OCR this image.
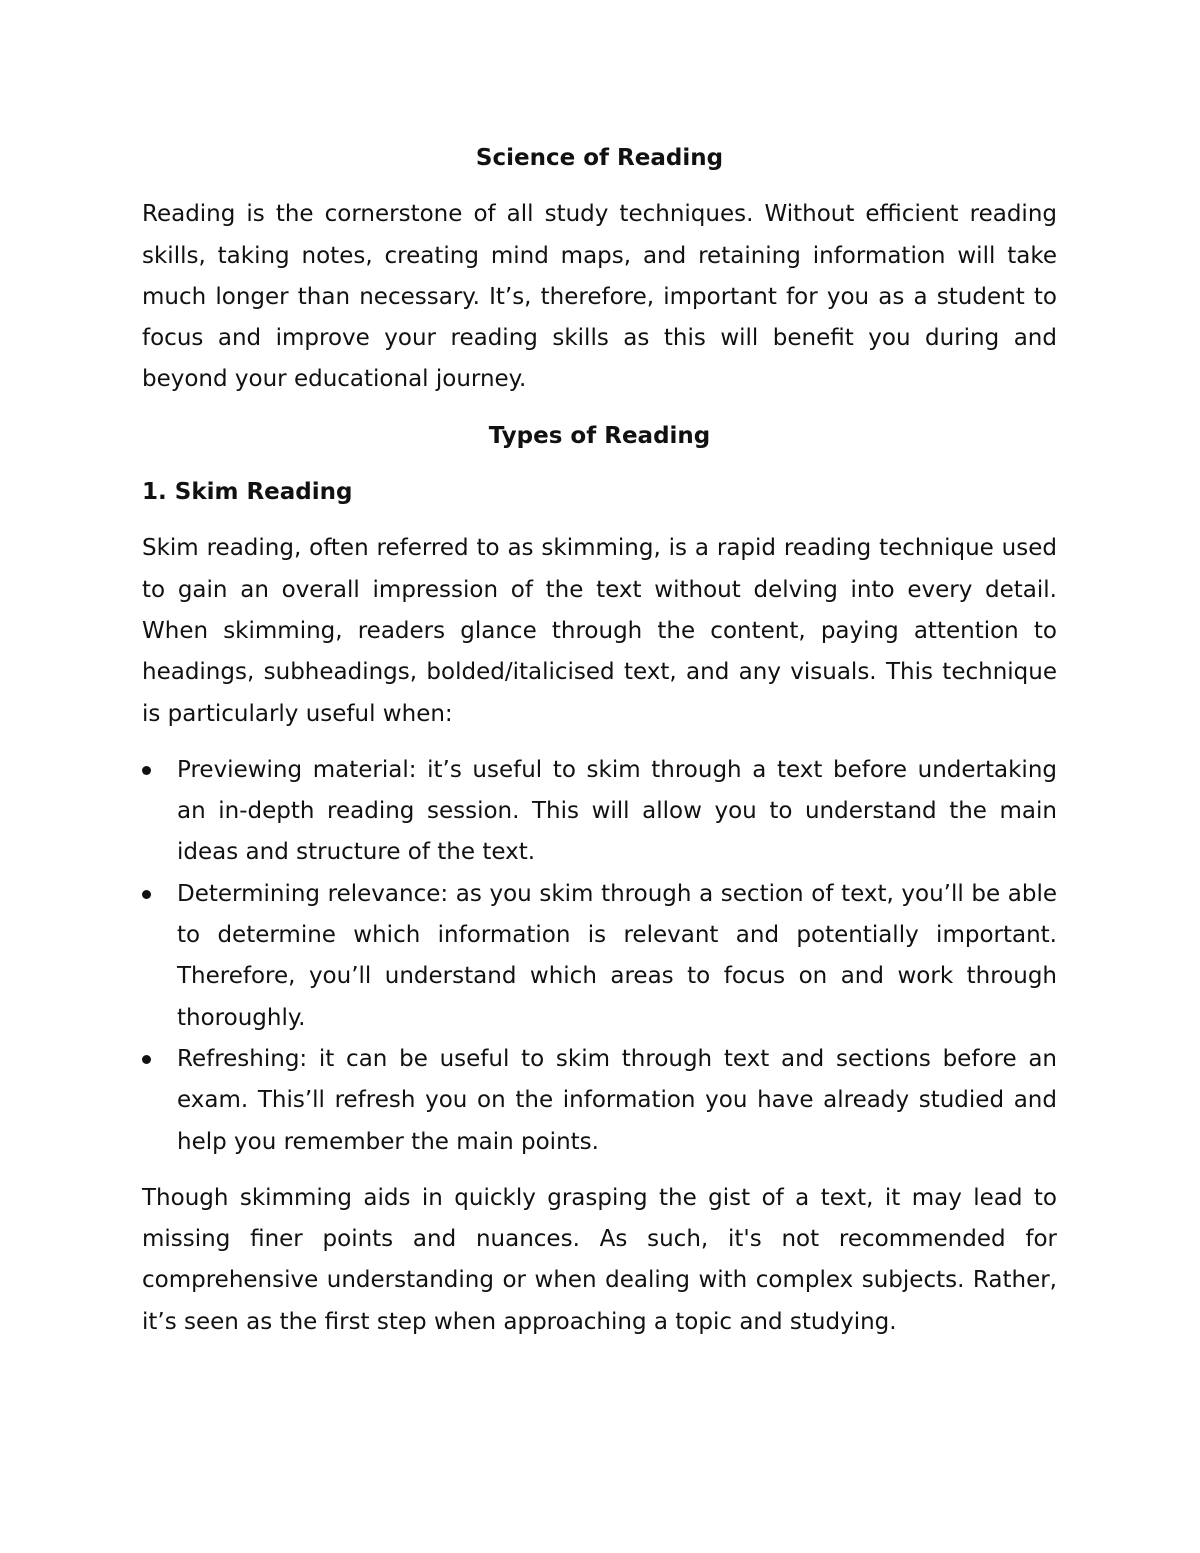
Science of Reading

Reading is the cornerstone of all study techniques. Without efficient reading skills, taking notes, creating mind maps, and retaining information will take much longer than necessary. It’s, therefore, important for you as a student to focus and improve your reading skills as this will benefit you during and beyond your educational journey.

Types of Reading
1. Skim Reading

Skim reading, often referred to as skimming, is a rapid reading technique used to gain an overall impression of the text without delving into every detail. When skimming, readers glance through the content, paying attention to headings, subheadings, bolded/italicised text, and any visuals. This technique is particularly useful when:

Previewing material: it’s useful to skim through a text before undertaking an in-depth reading session. This will allow you to understand the main ideas and structure of the text.
Determining relevance: as you skim through a section of text, you’ll be able to determine which information is relevant and potentially important. Therefore, you’ll understand which areas to focus on and work through thoroughly.
Refreshing: it can be useful to skim through text and sections before an exam. This’ll refresh you on the information you have already studied and help you remember the main points.

Though skimming aids in quickly grasping the gist of a text, it may lead to missing finer points and nuances. As such, it's not recommended for comprehensive understanding or when dealing with complex subjects. Rather, it’s seen as the first step when approaching a topic and studying.
